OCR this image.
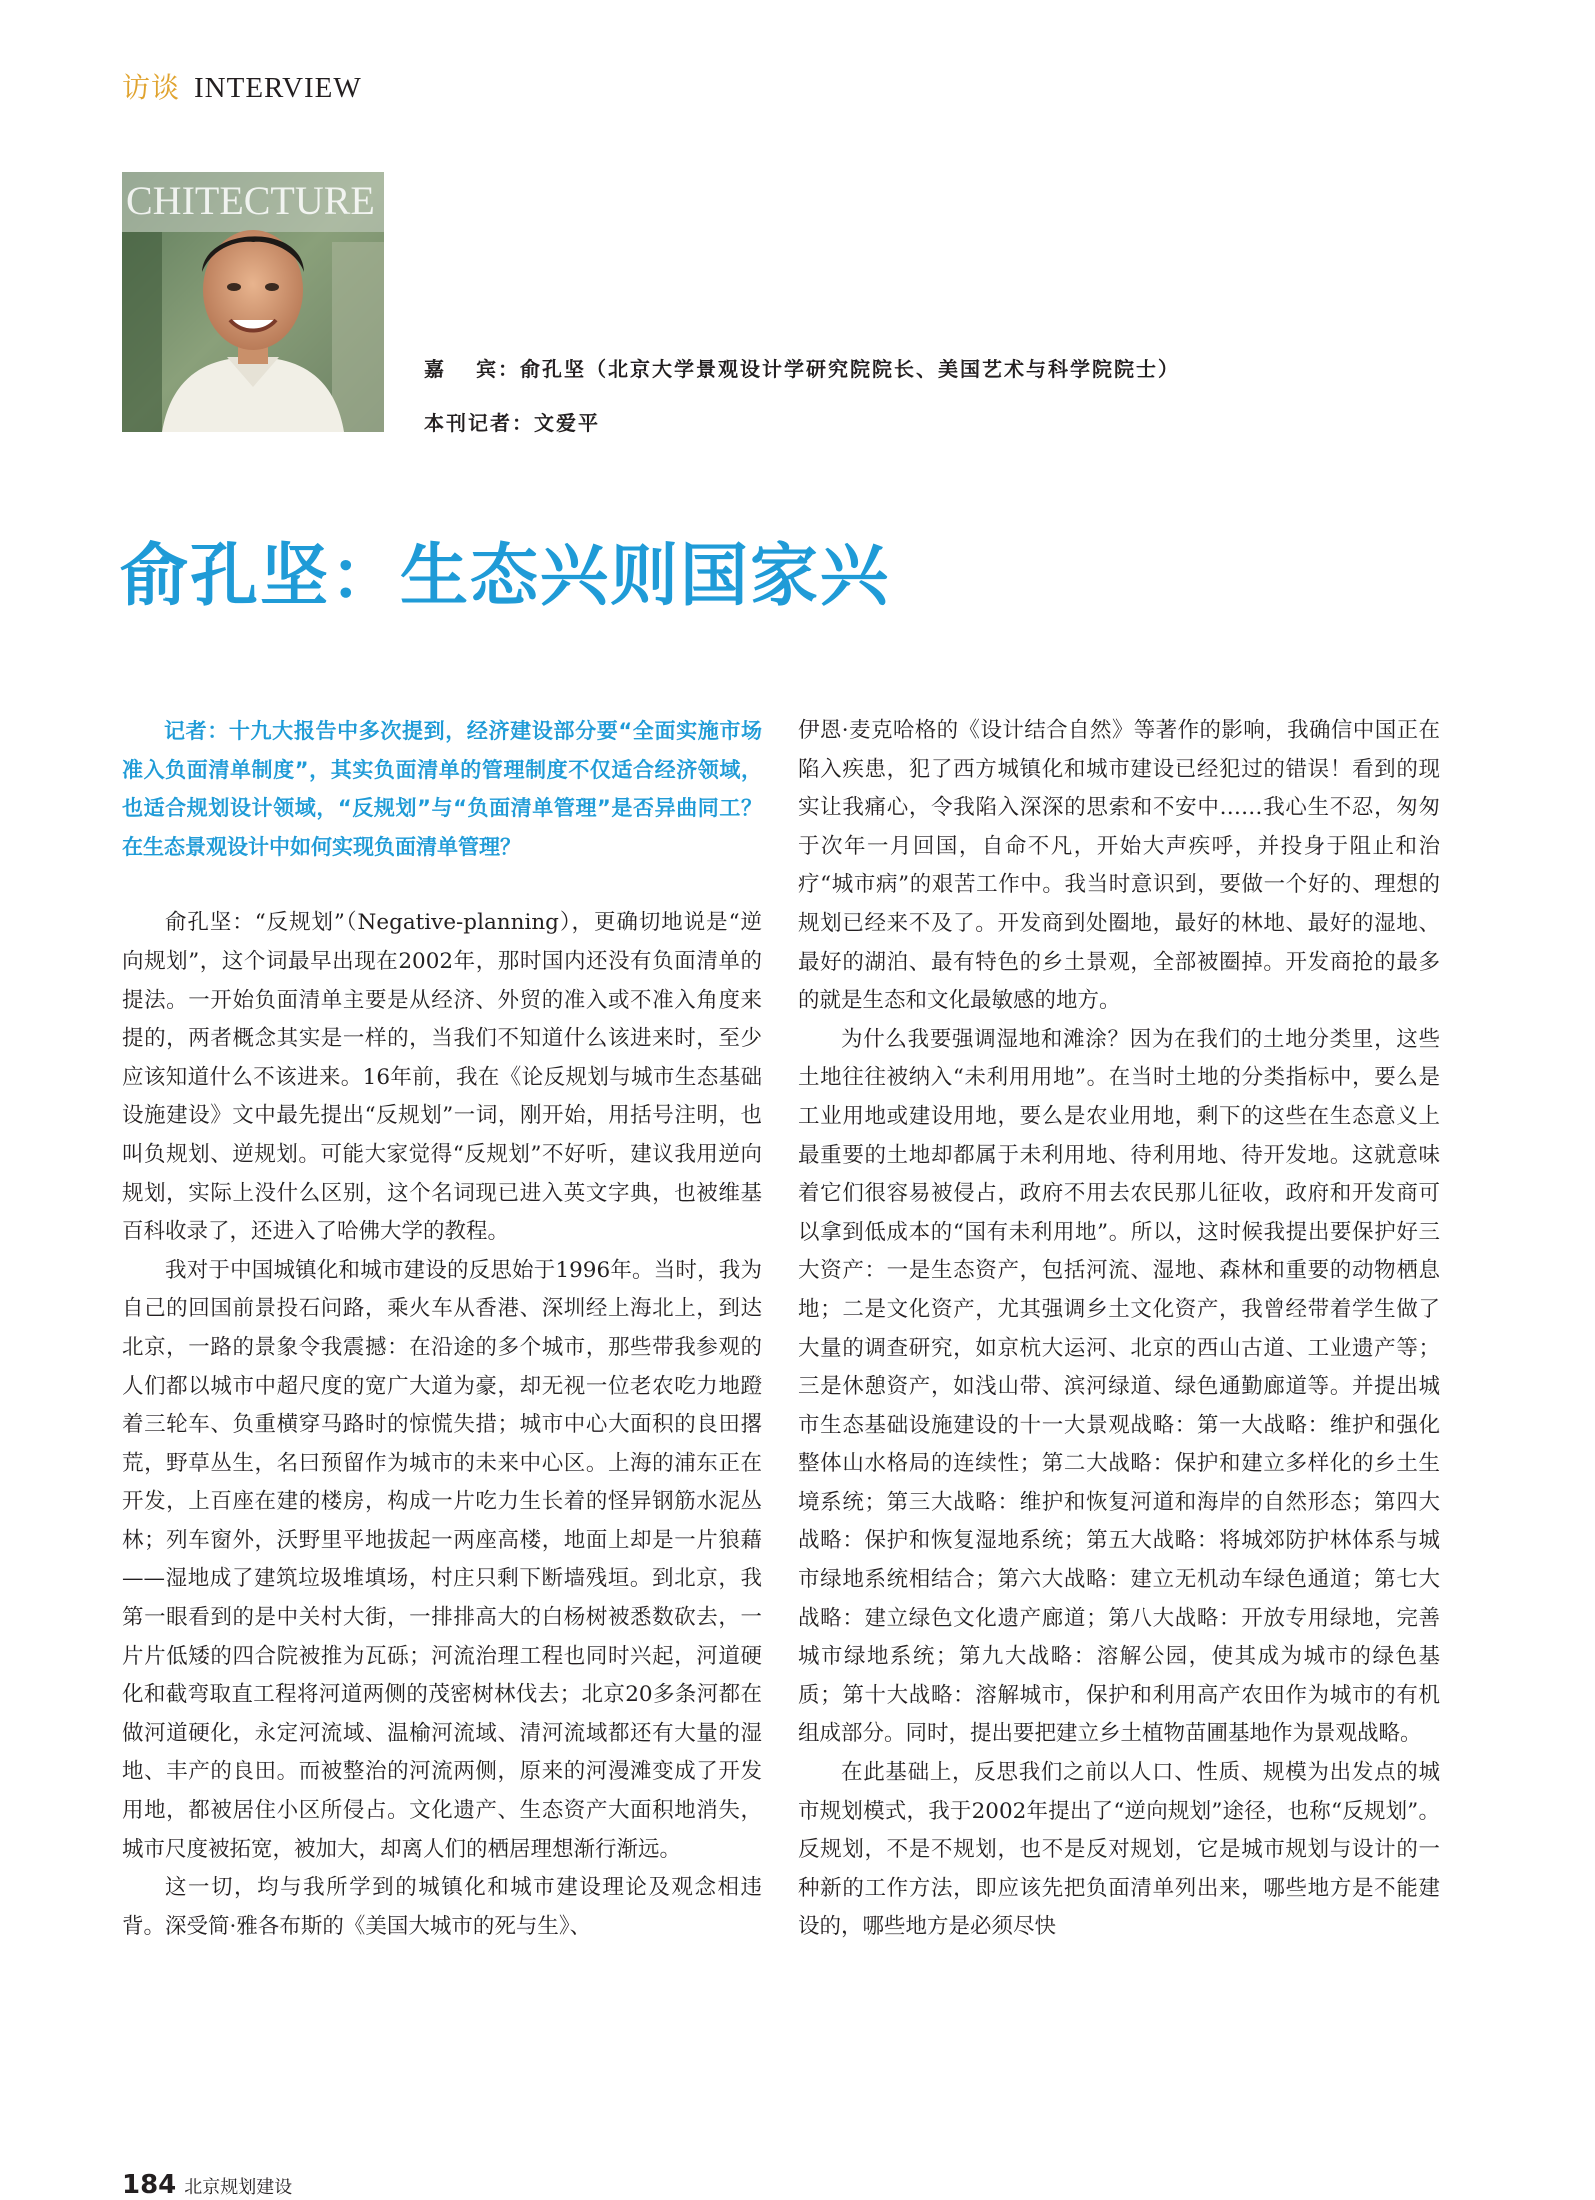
访谈 INTERVIEW
CHITECTURE
嘉 宾：俞孔坚（北京大学景观设计学研究院院长、美国艺术与科学院院士）
本刊记者：文爱平
俞孔坚：生态兴则国家兴

记者：十九大报告中多次提到，经济建设部分要“全面实施市场准入负面清单制度”，其实负面清单的管理制度不仅适合经济领域，也适合规划设计领域，“反规划”与“负面清单管理”是否异曲同工？在生态景观设计中如何实现负面清单管理？

俞孔坚：“反规划”（Negative-planning），更确切地说是“逆向规划”，这个词最早出现在2002年，那时国内还没有负面清单的提法。一开始负面清单主要是从经济、外贸的准入或不准入角度来提的，两者概念其实是一样的，当我们不知道什么该进来时，至少应该知道什么不该进来。16年前，我在《论反规划与城市生态基础设施建设》文中最先提出“反规划”一词，刚开始，用括号注明，也叫负规划、逆规划。可能大家觉得“反规划”不好听，建议我用逆向规划，实际上没什么区别，这个名词现已进入英文字典，也被维基百科收录了，还进入了哈佛大学的教程。

我对于中国城镇化和城市建设的反思始于1996年。当时，我为自己的回国前景投石问路，乘火车从香港、深圳经上海北上，到达北京，一路的景象令我震撼：在沿途的多个城市，那些带我参观的人们都以城市中超尺度的宽广大道为豪，却无视一位老农吃力地蹬着三轮车、负重横穿马路时的惊慌失措；城市中心大面积的良田撂荒，野草丛生，名曰预留作为城市的未来中心区。上海的浦东正在开发，上百座在建的楼房，构成一片吃力生长着的怪异钢筋水泥丛林；列车窗外，沃野里平地拔起一两座高楼，地面上却是一片狼藉——湿地成了建筑垃圾堆填场，村庄只剩下断墙残垣。到北京，我第一眼看到的是中关村大街，一排排高大的白杨树被悉数砍去，一片片低矮的四合院被推为瓦砾；河流治理工程也同时兴起，河道硬化和截弯取直工程将河道两侧的茂密树林伐去；北京20多条河都在做河道硬化，永定河流域、温榆河流域、清河流域都还有大量的湿地、丰产的良田。而被整治的河流两侧，原来的河漫滩变成了开发用地，都被居住小区所侵占。文化遗产、生态资产大面积地消失，城市尺度被拓宽，被加大，却离人们的栖居理想渐行渐远。

这一切，均与我所学到的城镇化和城市建设理论及观念相违背。深受简·雅各布斯的《美国大城市的死与生》、

伊恩·麦克哈格的《设计结合自然》等著作的影响，我确信中国正在陷入疾患，犯了西方城镇化和城市建设已经犯过的错误！看到的现实让我痛心，令我陷入深深的思索和不安中……我心生不忍，匆匆于次年一月回国，自命不凡，开始大声疾呼，并投身于阻止和治疗“城市病”的艰苦工作中。我当时意识到，要做一个好的、理想的规划已经来不及了。开发商到处圈地，最好的林地、最好的湿地、最好的湖泊、最有特色的乡土景观，全部被圈掉。开发商抢的最多的就是生态和文化最敏感的地方。

为什么我要强调湿地和滩涂？因为在我们的土地分类里，这些土地往往被纳入“未利用用地”。在当时土地的分类指标中，要么是工业用地或建设用地，要么是农业用地，剩下的这些在生态意义上最重要的土地却都属于未利用地、待利用地、待开发地。这就意味着它们很容易被侵占，政府不用去农民那儿征收，政府和开发商可以拿到低成本的“国有未利用地”。所以，这时候我提出要保护好三大资产：一是生态资产，包括河流、湿地、森林和重要的动物栖息地；二是文化资产，尤其强调乡土文化资产，我曾经带着学生做了大量的调查研究，如京杭大运河、北京的西山古道、工业遗产等；三是休憩资产，如浅山带、滨河绿道、绿色通勤廊道等。并提出城市生态基础设施建设的十一大景观战略：第一大战略：维护和强化整体山水格局的连续性；第二大战略：保护和建立多样化的乡土生境系统；第三大战略：维护和恢复河道和海岸的自然形态；第四大战略：保护和恢复湿地系统；第五大战略：将城郊防护林体系与城市绿地系统相结合；第六大战略：建立无机动车绿色通道；第七大战略：建立绿色文化遗产廊道；第八大战略：开放专用绿地，完善城市绿地系统；第九大战略：溶解公园，使其成为城市的绿色基质；第十大战略：溶解城市，保护和利用高产农田作为城市的有机组成部分。同时，提出要把建立乡土植物苗圃基地作为景观战略。

在此基础上，反思我们之前以人口、性质、规模为出发点的城市规划模式，我于2002年提出了“逆向规划”途径，也称“反规划”。反规划，不是不规划，也不是反对规划，它是城市规划与设计的一种新的工作方法，即应该先把负面清单列出来，哪些地方是不能建设的，哪些地方是必须尽快

184 北京规划建设
